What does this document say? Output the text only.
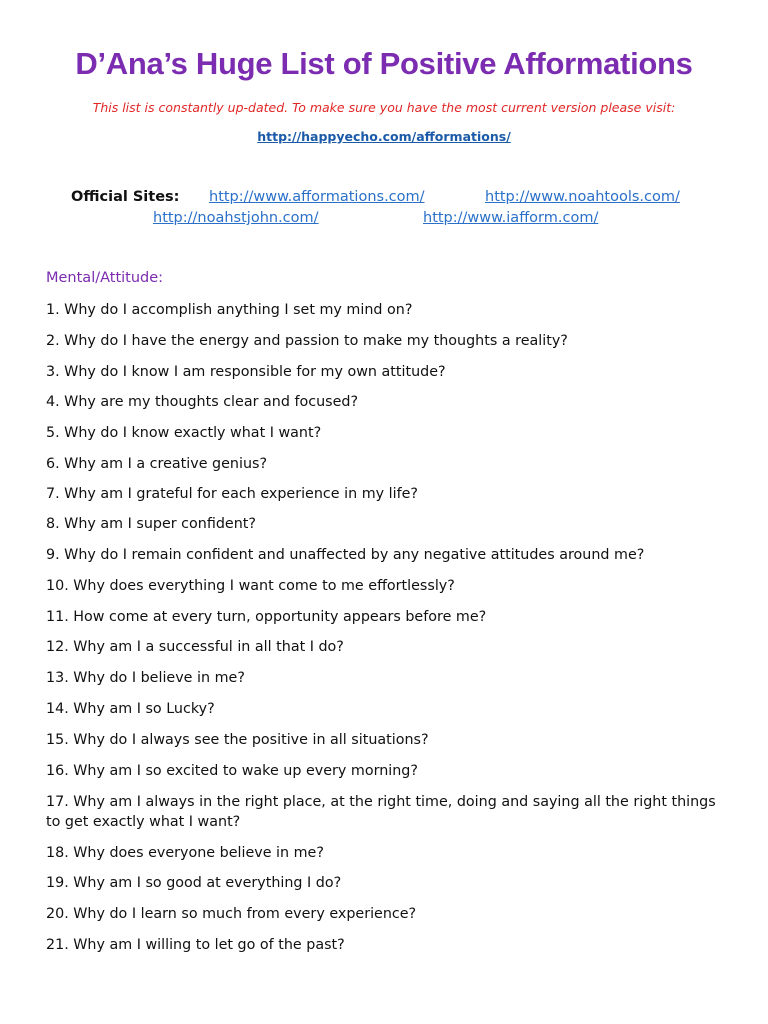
D’Ana’s Huge List of Positive Afformations
This list is constantly up-dated. To make sure you have the most current version please visit:
http://happyecho.com/afformations/
Official Sites: http://www.afformations.com/	http://www.noahtools.com/
http://noahstjohn.com/	http://www.iafform.com/
Mental/Attitude:
1. Why do I accomplish anything I set my mind on?
2. Why do I have the energy and passion to make my thoughts a reality?
3. Why do I know I am responsible for my own attitude?
4. Why are my thoughts clear and focused?
5. Why do I know exactly what I want?
6. Why am I a creative genius?
7. Why am I grateful for each experience in my life?
8. Why am I super confident?
9. Why do I remain confident and unaffected by any negative attitudes around me?
10. Why does everything I want come to me effortlessly?
11. How come at every turn, opportunity appears before me?
12. Why am I a successful in all that I do?
13. Why do I believe in me?
14. Why am I so Lucky?
15. Why do I always see the positive in all situations?
16. Why am I so excited to wake up every morning?
17. Why am I always in the right place, at the right time, doing and saying all the right things to get exactly what I want?
18. Why does everyone believe in me?
19. Why am I so good at everything I do?
20. Why do I learn so much from every experience?
21. Why am I willing to let go of the past?
